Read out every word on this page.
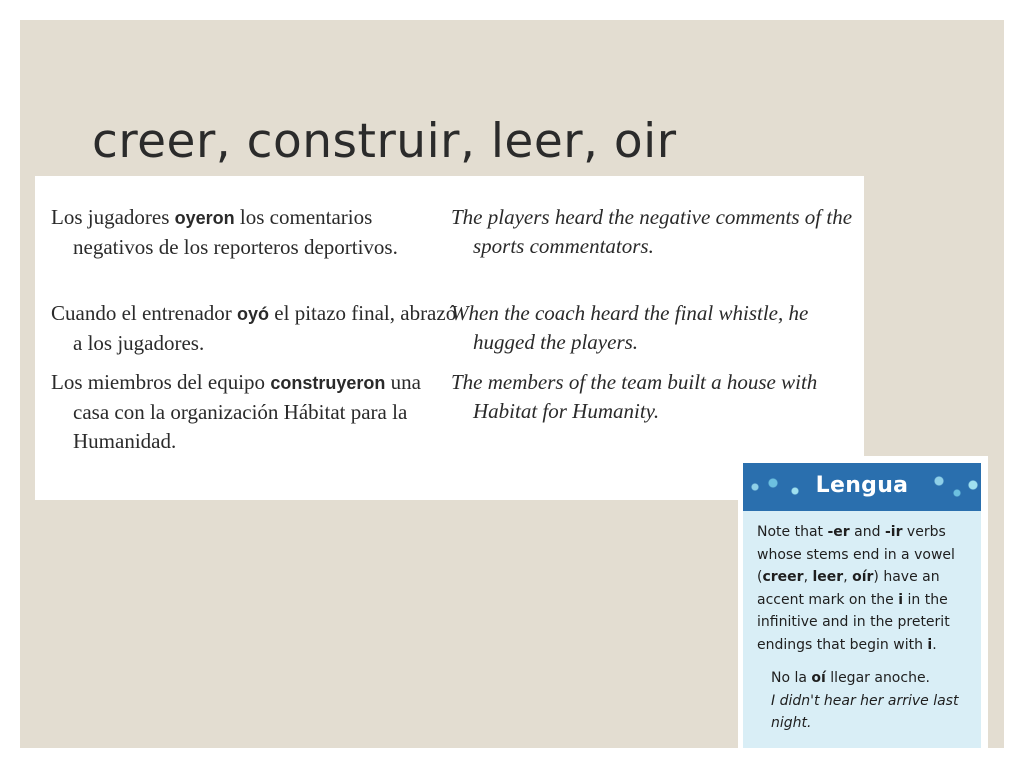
creer, construir, leer, oir
Los jugadores oyeron los comentarios negativos de los reporteros deportivos.
The players heard the negative comments of the sports commentators.
Cuando el entrenador oyó el pitazo final, abrazó a los jugadores.
When the coach heard the final whistle, he hugged the players.
Los miembros del equipo construyeron una casa con la organización Hábitat para la Humanidad.
The members of the team built a house with Habitat for Humanity.
Lengua
Note that -er and -ir verbs whose stems end in a vowel (creer, leer, oír) have an accent mark on the i in the infinitive and in the preterit endings that begin with i.
No la oí llegar anoche.
I didn't hear her arrive last night.
